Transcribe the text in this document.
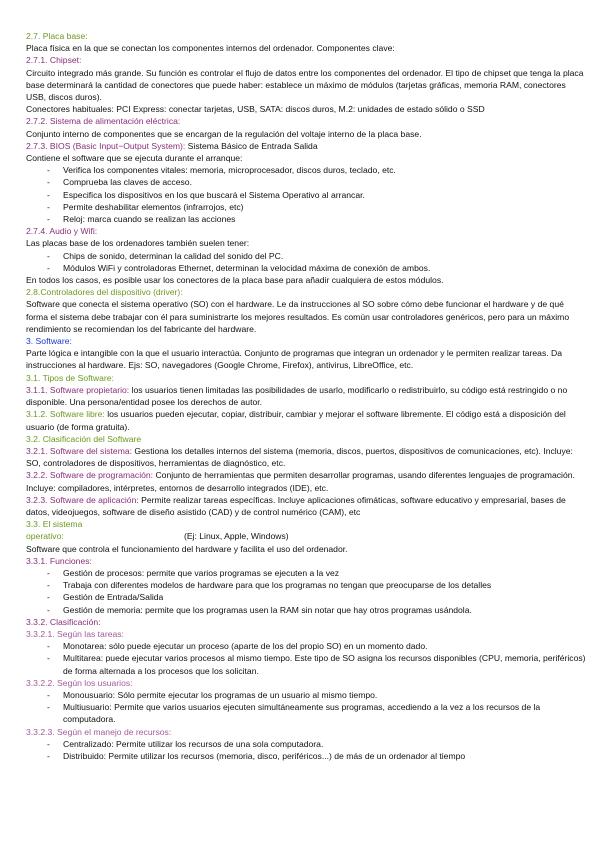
2.7. Placa base:

Placa física en la que se conectan los componentes internos del ordenador. Componentes clave:

2.7.1. Chipset:

Circuito integrado más grande. Su función es controlar el flujo de datos entre los componentes del ordenador. El tipo de chipset que tenga la placa base determinará la cantidad de conectores que puede haber: establece un máximo de módulos (tarjetas gráficas, memoria RAM, conectores USB, discos duros).

Conectores habituales: PCI Express: conectar tarjetas, USB, SATA: discos duros, M.2: unidades de estado sólido o SSD

2.7.2. Sistema de alimentación eléctrica:

Conjunto interno de componentes que se encargan de la regulación del voltaje interno de la placa base.

2.7.3. BIOS (Basic Input−Output System): Sistema Básico de Entrada Salida

Contiene el software que se ejecuta durante el arranque:

- Verifica los componentes vitales: memoria, microprocesador, discos duros, teclado, etc.

- Comprueba las claves de acceso.

- Especifica los dispositivos en los que buscará el Sistema Operativo al arrancar.

- Permite deshabilitar elementos (infrarrojos, etc)

- Reloj: marca cuando se realizan las acciones

2.7.4. Audio y Wifi:

Las placas base de los ordenadores también suelen tener:

- Chips de sonido, determinan la calidad del sonido del PC.

- Módulos WiFi y controladoras Ethernet, determinan la velocidad máxima de conexión de ambos.

En todos los casos, es posible usar los conectores de la placa base para añadir cualquiera de estos módulos.

2.8.Controladores del dispositivo (driver):

Software que conecta el sistema operativo (SO) con el hardware. Le da instrucciones al SO sobre cómo debe funcionar el hardware y de qué forma el sistema debe trabajar con él para suministrarte los mejores resultados. Es común usar controladores genéricos, pero para un máximo rendimiento se recomiendan los del fabricante del hardware.

3. Software:

Parte lógica e intangible con la que el usuario interactúa. Conjunto de programas que integran un ordenador y le permiten realizar tareas. Da instrucciones al hardware. Ejs: SO, navegadores (Google Chrome, Firefox), antivirus, LibreOffice, etc.

3.1. Tipos de Software:

3.1.1. Software propietario: los usuarios tienen limitadas las posibilidades de usarlo, modificarlo o redistribuirlo, su código está restringido o no disponible. Una persona/entidad posee los derechos de autor.

3.1.2. Software libre: los usuarios pueden ejecutar, copiar, distribuir, cambiar y mejorar el software libremente. El código está a disposición del usuario (de forma gratuita).

3.2. Clasificación del Software

3.2.1. Software del sistema: Gestiona los detalles internos del sistema (memoria, discos, puertos, dispositivos de comunicaciones, etc). Incluye: SO, controladores de dispositivos, herramientas de diagnóstico, etc.

3.2.2. Software de programación: Conjunto de herramientas que permiten desarrollar programas, usando diferentes lenguajes de programación. Incluye: compiladores, intérpretes, entornos de desarrollo integrados (IDE), etc.

3.2.3. Software de aplicación: Permite realizar tareas específicas. Incluye aplicaciones ofimáticas, software educativo y empresarial, bases de datos, videojuegos, software de diseño asistido (CAD) y de control numérico (CAM), etc

3.3. El sistema operativo:	(Ej: Linux, Apple, Windows)

Software que controla el funcionamiento del hardware y facilita el uso del ordenador.

3.3.1. Funciones:

- Gestión de procesos: permite que varios programas se ejecuten a la vez

- Trabaja con diferentes modelos de hardware para que los programas no tengan que preocuparse de los detalles

- Gestión de Entrada/Salida

- Gestión de memoria: permite que los programas usen la RAM sin notar que hay otros programas usándola.

3.3.2. Clasificación:

3.3.2.1. Según las tareas:

- Monotarea: sólo puede ejecutar un proceso (aparte de los del propio SO) en un momento dado.

- Multitarea: puede ejecutar varios procesos al mismo tiempo. Este tipo de SO asigna los recursos disponibles (CPU, memoria, periféricos) de forma alternada a los procesos que los solicitan.

3.3.2.2. Según los usuarios:

- Monousuario: Sólo permite ejecutar los programas de un usuario al mismo tiempo.

- Multiusuario: Permite que varios usuarios ejecuten simultáneamente sus programas, accediendo a la vez a los recursos de la computadora.

3.3.2.3. Según el manejo de recursos:

- Centralizado: Permite utilizar los recursos de una sola computadora.

- Distribuido: Permite utilizar los recursos (memoria, disco, periféricos...) de más de un ordenador al tiempo
